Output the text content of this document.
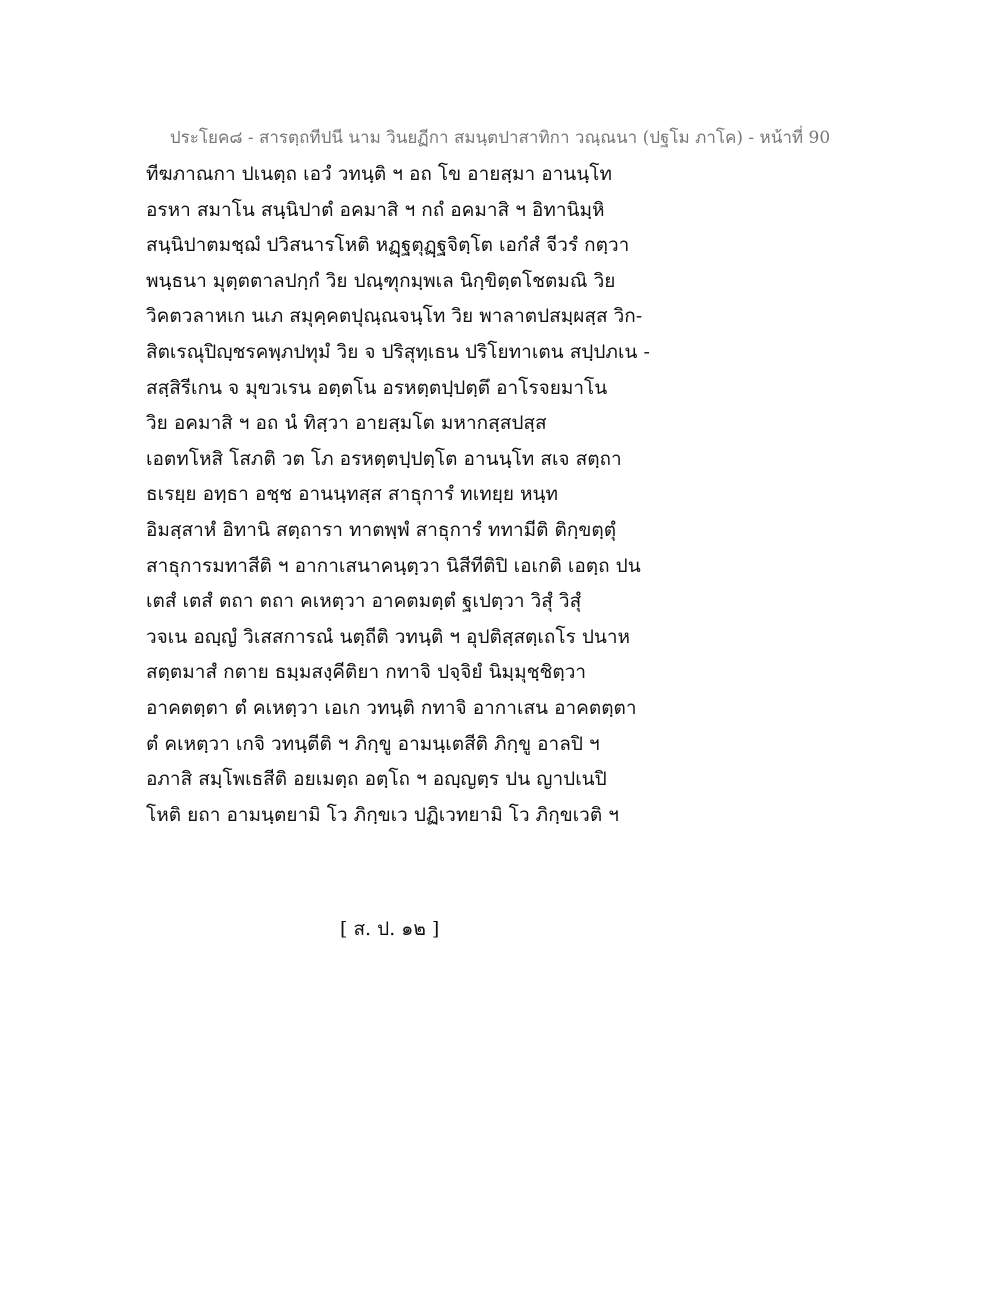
ประโยค๘ - สารตฺถทีปนี นาม วินยฏีกา สมนฺตปาสาทิกา วณฺณนา (ปฐโม ภาโค) - หน้าที่ 90
ทีฆภาณกา ปเนตฺถ เอวํ วทนฺติ ฯ อถ โข อายสฺมา อานนฺโท
อรหา สมาโน สนฺนิปาตํ อคมาสิ ฯ กถํ อคมาสิ ฯ อิทานิมฺหิ
สนฺนิปาตมชฺฌํ ปวิสนารโหติ หฏฺฐตุฏฺฐจิตฺโต เอกํสํ จีวรํ กตฺวา
พนฺธนา มุตฺตตาลปกฺกํ วิย ปณฺฑุกมฺพเล นิกฺขิตฺตโชตมณิ วิย
วิคตวลาหเก นเภ สมุคฺคตปุณฺณจนฺโท วิย พาลาตปสมฺผสฺส วิก-
สิตเรณุปิญฺชรคพฺภปทุมํ วิย จ ปริสุทฺเธน ปริโยทาเตน สปฺปภเน -
สสฺสิรีเกน จ มุขวเรน อตฺตโน อรหตฺตปฺปตฺตึ อาโรจยมาโน
วิย อคมาสิ ฯ อถ นํ ทิสฺวา อายสฺมโต มหากสฺสปสฺส
เอตทโหสิ โสภติ วต โภ อรหตฺตปฺปตฺโต อานนฺโท สเจ สตฺถา
ธเรยฺย อทฺธา อชฺช อานนฺทสฺส สาธุการํ ทเทยฺย หนฺท
อิมสฺสาหํ อิทานิ สตฺถารา ทาตพฺพํ สาธุการํ ททามีติ ติกฺขตฺตุํ
สาธุการมทาสีติ ฯ อากาเสนาคนฺตฺวา นิสีทีติปิ เอเกติ เอตฺถ ปน
เตสํ เตสํ ตถา ตถา คเหตฺวา อาคตมตฺตํ ฐเปตฺวา วิสุํ วิสุํ
วจเน อญฺญํ วิเสสการณํ นตฺถีติ วทนฺติ ฯ อุปติสฺสตฺเถโร ปนาห
สตฺตมาสํ กตาย ธมฺมสงฺคีติยา กทาจิ ปจฺจิยํ นิมฺมุชฺชิตฺวา
อาคตตฺตา ตํ คเหตฺวา เอเก วทนฺติ กทาจิ อากาเสน อาคตตฺตา
ตํ คเหตฺวา เกจิ วทนฺตีติ ฯ ภิกฺขู อามนฺเตสีติ ภิกฺขู อาลปิ ฯ
อภาสิ สมฺโพเธสีติ อยเมตฺถ อตฺโถ ฯ อญฺญตฺร ปน ญาปเนปิ
โหติ ยถา อามนฺตยามิ โว ภิกฺขเว ปฏิเวทยามิ โว ภิกฺขเวติ ฯ
[ ส. ป. ๑๒ ]
